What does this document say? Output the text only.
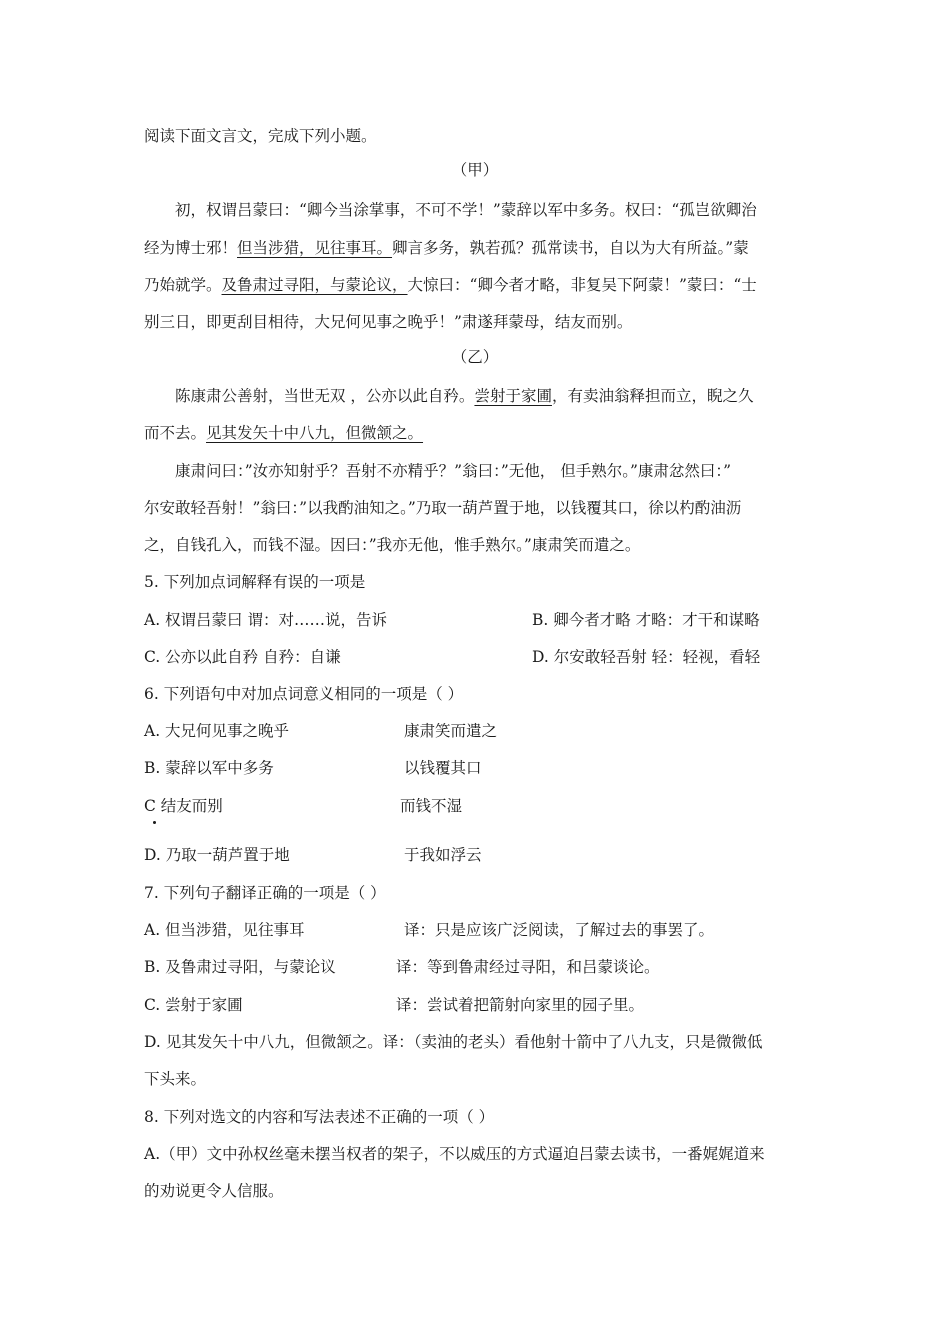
阅读下面文言文，完成下列小题。
（甲）
初，权谓吕蒙曰：“卿今当涂掌事，不可不学！”蒙辞以军中多务。权曰：“孤岂欲卿治
经为博士邪！但当涉猎，见往事耳。卿言多务，孰若孤？孤常读书，自以为大有所益。”蒙
乃始就学。及鲁肃过寻阳，与蒙论议，大惊曰：“卿今者才略，非复吴下阿蒙！”蒙曰：“士
别三日，即更刮目相待，大兄何见事之晚乎！”肃遂拜蒙母，结友而别。
（乙）
陈康肃公善射，当世无双 ，公亦以此自矜。尝射于家圃，有卖油翁释担而立，睨之久
而不去。见其发矢十中八九，但微颔之。
康肃问曰：”汝亦知射乎？吾射不亦精乎？”翁曰：”无他， 但手熟尔。”康肃忿然曰：”
尔安敢轻吾射！”翁曰：”以我酌油知之。”乃取一葫芦置于地，以钱覆其口，徐以杓酌油沥
之，自钱孔入，而钱不湿。因曰：”我亦无他，惟手熟尔。”康肃笑而遣之。
5. 下列加点词解释有误的一项是
A. 权谓吕蒙曰 谓：对……说，告诉	B. 卿今者才略 才略：才干和谋略
C. 公亦以此自矜 自矜：自谦	D. 尔安敢轻吾射 轻：轻视，看轻
6. 下列语句中对加点词意义相同的一项是（ ）
A. 大兄何见事之晚乎	康肃笑而遣之
B. 蒙辞以军中多务	以钱覆其口
C 结友而别	而钱不湿
D. 乃取一葫芦置于地	于我如浮云
7. 下列句子翻译正确的一项是（ ）
A. 但当涉猎，见往事耳	译：只是应该广泛阅读，了解过去的事罢了。
B. 及鲁肃过寻阳，与蒙论议	译：等到鲁肃经过寻阳，和吕蒙谈论。
C. 尝射于家圃	译：尝试着把箭射向家里的园子里。
D. 见其发矢十中八九，但微颔之。译：（卖油的老头）看他射十箭中了八九支，只是微微低
下头来。
8. 下列对选文的内容和写法表述不正确的一项（ ）
A.（甲）文中孙权丝毫未摆当权者的架子，不以威压的方式逼迫吕蒙去读书，一番娓娓道来
的劝说更令人信服。
